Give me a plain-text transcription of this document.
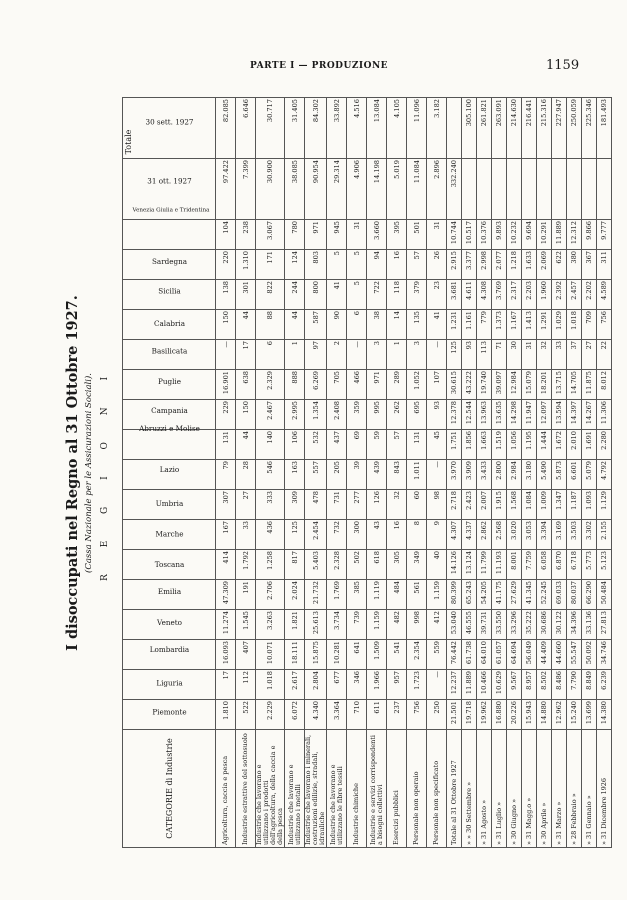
PARTE I — PRODUZIONE	1159
I disoccupati nel Regno al 31 Ottobre 1927. (Cassa Nazionale per le Assicurazioni Sociali). R E G I O N I
Totale
CATEGORIE di Industrie	Piemonte	Liguria	Lombardia	Veneto	Emilia	Toscana	Marche	Umbria	Lazio	Abruzzi e Molise	Campania	Puglie	Basilicata	Calabria	Sicilia	Sardegna	Venezia Giulia e Tridentina	31 ott. 1927	30 sett. 1927
Agricoltura, caccia e pesca	1.810	17	16.093	11.274	47.309	414	167	307	79	131	229	16.901	—	150	138	220	104	97.422	82.085
Industrie estrattive del sottosuolo	522	112	407	1.545	191	1.792	33	27	28	44	150	638	17	44	301	1.310	238	7.399	6.646
Industrie che lavorano e utilizzano i prodotti dell'agricoltura, della caccia e della pesca	2.229	1.018	10.071	3.263	2.706	1.258	436	333	546	140	2.467	2.329	6	88	822	171	3.067	30.900	30.717
Industrie che lavorano e utilizzano i metalli	6.072	2.617	18.111	1.821	2.024	817	125	309	163	106	2.995	888	1	44	244	124	780	38.085	31.405
Industrie che lavorano i minerali, costruzioni edilizie, stradali, idrauliche	4.340	2.804	15.875	25.613	21.732	5.403	2.454	478	557	532	1.354	6.269	97	587	800	803	971	90.954	84.302
Industrie che lavorano e utilizzano le fibre tessili	3.364	677	10.281	3.734	1.769	2.328	732	731	205	437	2.408	705	2	90	41	5	945	29.314	33.892
Industrie chimiche	710	346	641	739	385	502	300	277	39	69	359	466	—	6	5	5	31	4.906	4.516
Industrie e servizi corrispondenti a bisogni collettivi	611	1.966	1.509	1.159	1.119	618	43	126	439	59	995	971	3	38	722	94	3.660	14.198	13.084
Esercizi pubblici	237	957	541	482	484	305	16	32	843	57	262	289	1	14	118	16	395	5.019	4.105
Personale non operaio	756	1.723	2.354	998	561	349	8	60	1.011	131	695	1.052	3	135	379	57	501	11.084	11.096
Personale non specificato	250	—	559	412	1.159	40	9	98	—	45	93	107	—	41	23	26	31	2.896	3.182
Totale al 31 Ottobre 1927	21.501	12.237	76.442	53.040	80.399	14.126	4.307	2.718	3.970	1.751	12.378	30.615	125	1.231	3.681	2.915	10.744	332.240	
» » 30 Settembre »	19.718	11.889	61.738	46.555	65.243	13.124	4.337	2.423	3.909	1.856	12.544	43.222	93	1.161	4.611	3.377	10.517		305.100
» 31 Agosto »	19.962	10.466	64.010	39.731	54.205	11.799	2.862	2.007	3.433	1.663	13.963	19.740	113	779	4.308	2.998	10.376		261.821
» 31 Luglio »	16.880	10.629	61.057	33.550	41.175	11.193	2.568	1.915	2.800	1.519	13.635	39.097	71	1.373	3.769	2.077	9.893		263.091
» 30 Giugno »	20.226	9.567	64.694	33.296	27.629	8.001	3.020	1.568	2.984	1.056	14.298	12.984	30	1.167	2.317	1.218	10.232		214.630
» 31 Magg.o »	15.943	8.957	56.049	35.222	41.345	7.759	3.053	1.084	3.180	1.195	11.947	15.079	31	1.413	2.203	1.633	9.694		216.441
» 30 Aprile »	14.880	8.502	44.409	30.686	52.245	6.058	3.394	1.009	5.490	1.444	12.097	18.201	32	1.291	1.960	2.069	10.291		215.316
» 31 Marzo »	12.962	8.486	44.660	30.122	69.033	6.870	3.169	1.347	5.873	1.672	13.594	13.715	33	1.029	2.392	622	11.889		227.947
» 28 Febbraio »	15.240	7.790	55.547	34.396	80.037	6.718	3.503	1.187	6.601	2.010	14.397	14.705	37	1.018	2.457	380	12.312		250.059
» 31 Gennaio »	13.699	8.849	50.092	33.136	66.290	5.773	3.302	1.093	5.079	1.691	14.267	11.875	27	709	2.202	367	9.866		225.346
» 31 Dicembre 1926	14.380	6.239	34.746	27.813	50.484	5.123	2.155	1.129	4.792	2.280	11.306	8.012	22	756	4.589	311	9.777		181.493
